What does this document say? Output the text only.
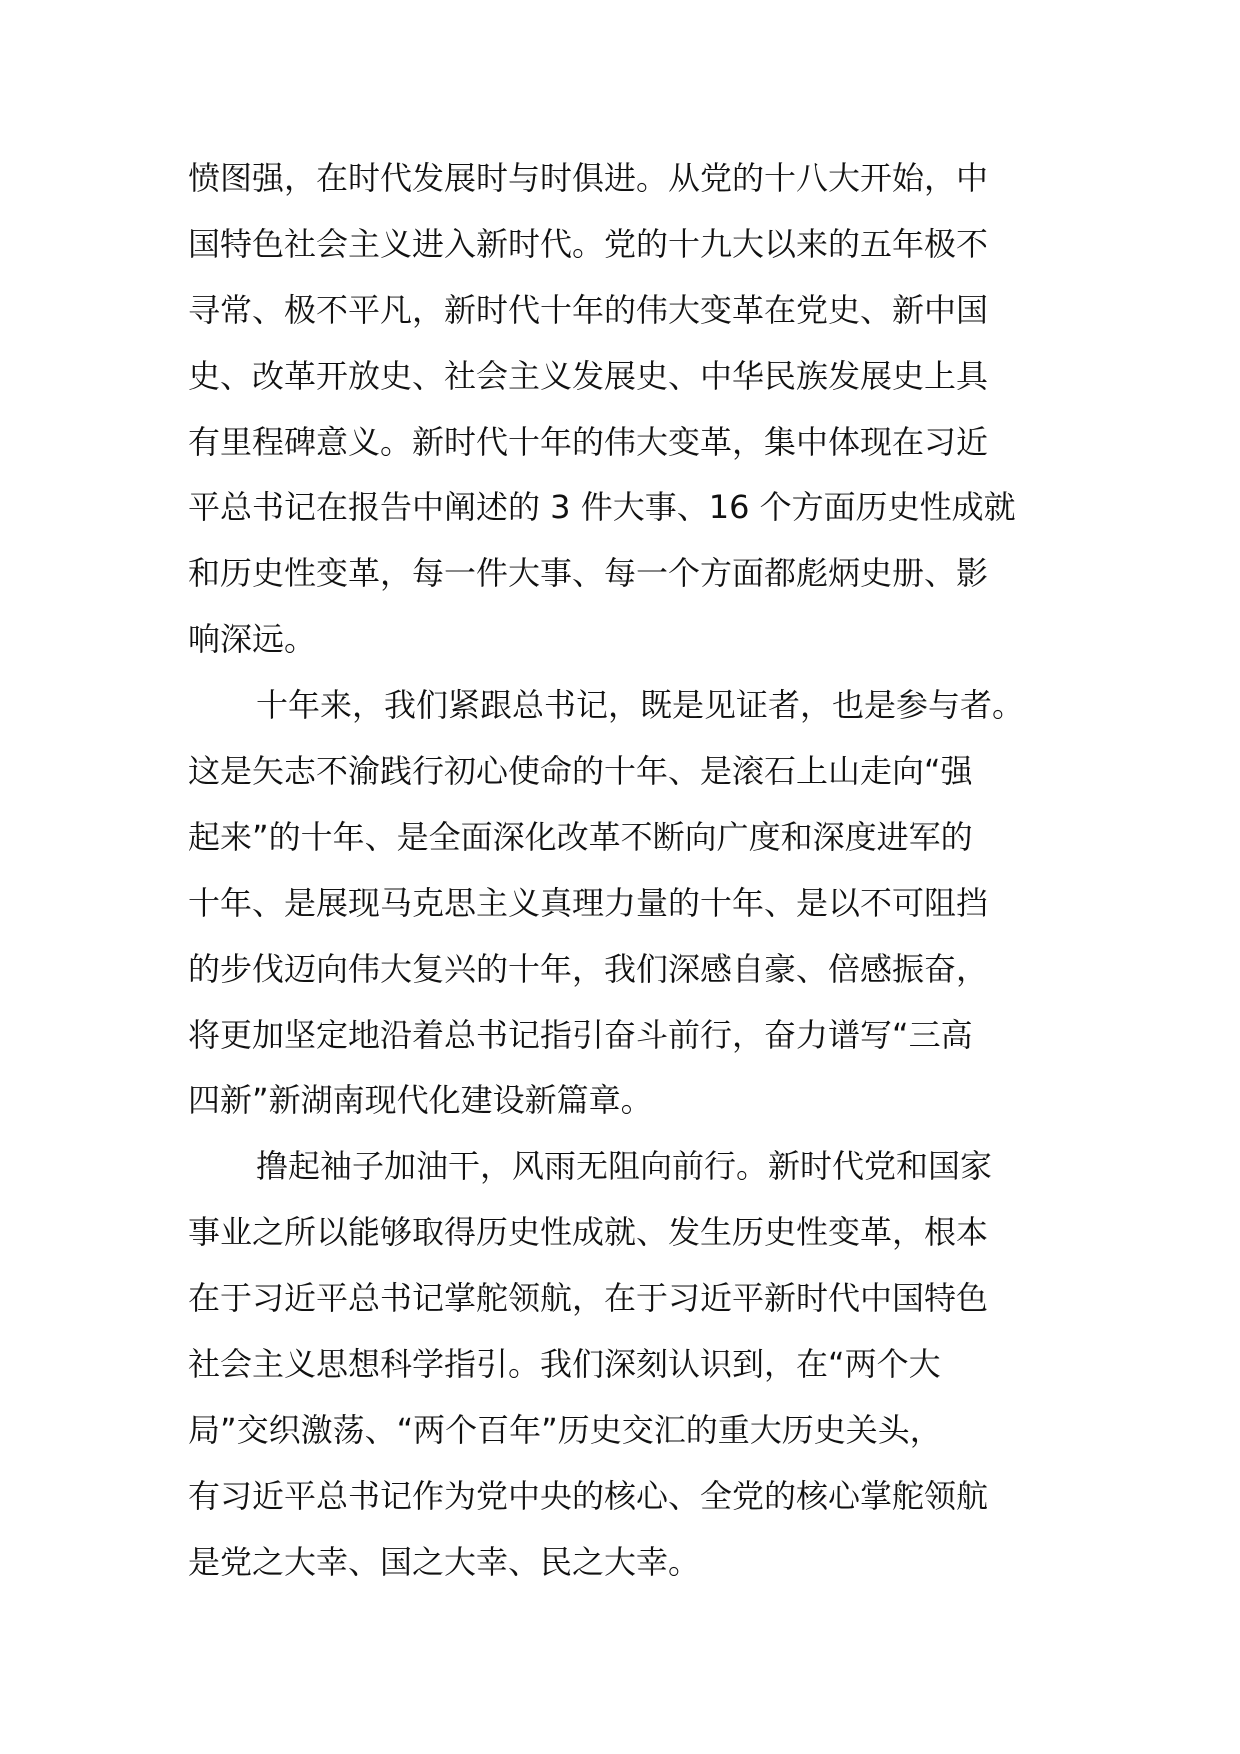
愤图强，在时代发展时与时俱进。从党的十八大开始，中
国特色社会主义进入新时代。党的十九大以来的五年极不
寻常、极不平凡，新时代十年的伟大变革在党史、新中国
史、改革开放史、社会主义发展史、中华民族发展史上具
有里程碑意义。新时代十年的伟大变革，集中体现在习近
平总书记在报告中阐述的 3 件大事、16 个方面历史性成就
和历史性变革，每一件大事、每一个方面都彪炳史册、影
响深远。
十年来，我们紧跟总书记，既是见证者，也是参与者。
这是矢志不渝践行初心使命的十年、是滚石上山走向“强
起来”的十年、是全面深化改革不断向广度和深度进军的
十年、是展现马克思主义真理力量的十年、是以不可阻挡
的步伐迈向伟大复兴的十年，我们深感自豪、倍感振奋，
将更加坚定地沿着总书记指引奋斗前行，奋力谱写“三高
四新”新湖南现代化建设新篇章。
撸起袖子加油干，风雨无阻向前行。新时代党和国家
事业之所以能够取得历史性成就、发生历史性变革，根本
在于习近平总书记掌舵领航，在于习近平新时代中国特色
社会主义思想科学指引。我们深刻认识到，在“两个大
局”交织激荡、“两个百年”历史交汇的重大历史关头，
有习近平总书记作为党中央的核心、全党的核心掌舵领航
是党之大幸、国之大幸、民之大幸。
